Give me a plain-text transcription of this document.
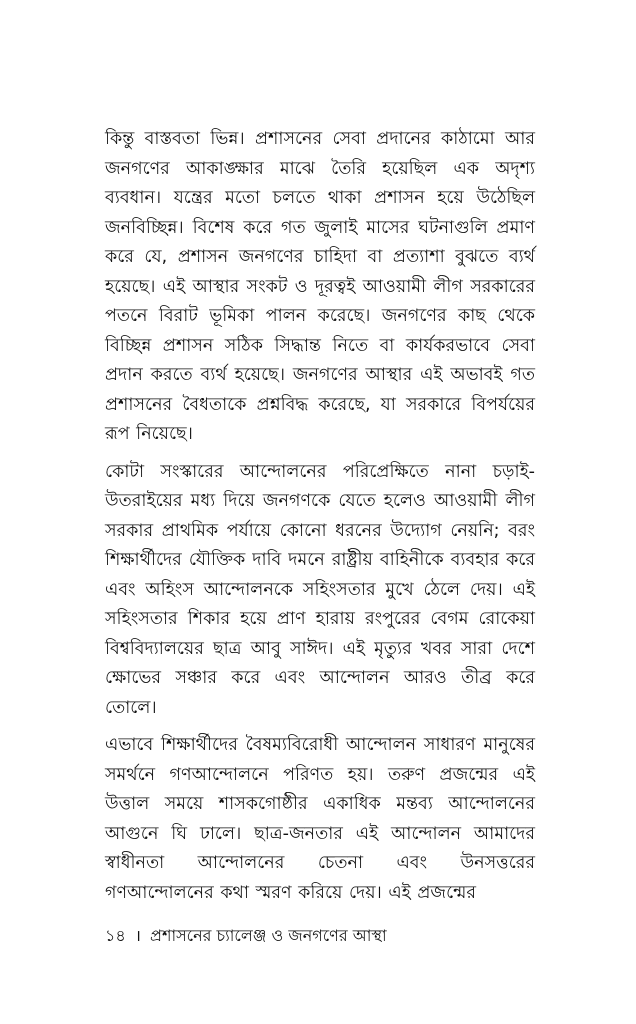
কিন্তু বাস্তবতা ভিন্ন। প্রশাসনের সেবা প্রদানের কাঠামো আর জনগণের আকাঙ্ক্ষার মাঝে তৈরি হয়েছিল এক অদৃশ্য ব্যবধান। যন্ত্রের মতো চলতে থাকা প্রশাসন হয়ে উঠেছিল জনবিচ্ছিন্ন। বিশেষ করে গত জুলাই মাসের ঘটনাগুলি প্রমাণ করে যে, প্রশাসন জনগণের চাহিদা বা প্রত্যাশা বুঝতে ব্যর্থ হয়েছে। এই আস্থার সংকট ও দূরত্বই আওয়ামী লীগ সরকারের পতনে বিরাট ভূমিকা পালন করেছে। জনগণের কাছ থেকে বিচ্ছিন্ন প্রশাসন সঠিক সিদ্ধান্ত নিতে বা কার্যকরভাবে সেবা প্রদান করতে ব্যর্থ হয়েছে। জনগণের আস্থার এই অভাবই গত প্রশাসনের বৈধতাকে প্রশ্নবিদ্ধ করেছে, যা সরকারে বিপর্যয়ের রূপ নিয়েছে।

কোটা সংস্কারের আন্দোলনের পরিপ্রেক্ষিতে নানা চড়াই-উতরাইয়ের মধ্য দিয়ে জনগণকে যেতে হলেও আওয়ামী লীগ সরকার প্রাথমিক পর্যায়ে কোনো ধরনের উদ্যোগ নেয়নি; বরং শিক্ষার্থীদের যৌক্তিক দাবি দমনে রাষ্ট্রীয় বাহিনীকে ব্যবহার করে এবং অহিংস আন্দোলনকে সহিংসতার মুখে ঠেলে দেয়। এই সহিংসতার শিকার হয়ে প্রাণ হারায় রংপুরের বেগম রোকেয়া বিশ্ববিদ্যালয়ের ছাত্র আবু সাঈদ। এই মৃত্যুর খবর সারা দেশে ক্ষোভের সঞ্চার করে এবং আন্দোলন আরও তীব্র করে তোলে।

এভাবে শিক্ষার্থীদের বৈষম্যবিরোধী আন্দোলন সাধারণ মানুষের সমর্থনে গণআন্দোলনে পরিণত হয়। তরুণ প্রজন্মের এই উত্তাল সময়ে শাসকগোষ্ঠীর একাধিক মন্তব্য আন্দোলনের আগুনে ঘি ঢালে। ছাত্র-জনতার এই আন্দোলন আমাদের স্বাধীনতা আন্দোলনের চেতনা এবং উনসত্তরের গণআন্দোলনের কথা স্মরণ করিয়ে দেয়। এই প্রজন্মের

১৪ । প্রশাসনের চ্যালেঞ্জ ও জনগণের আস্থা
